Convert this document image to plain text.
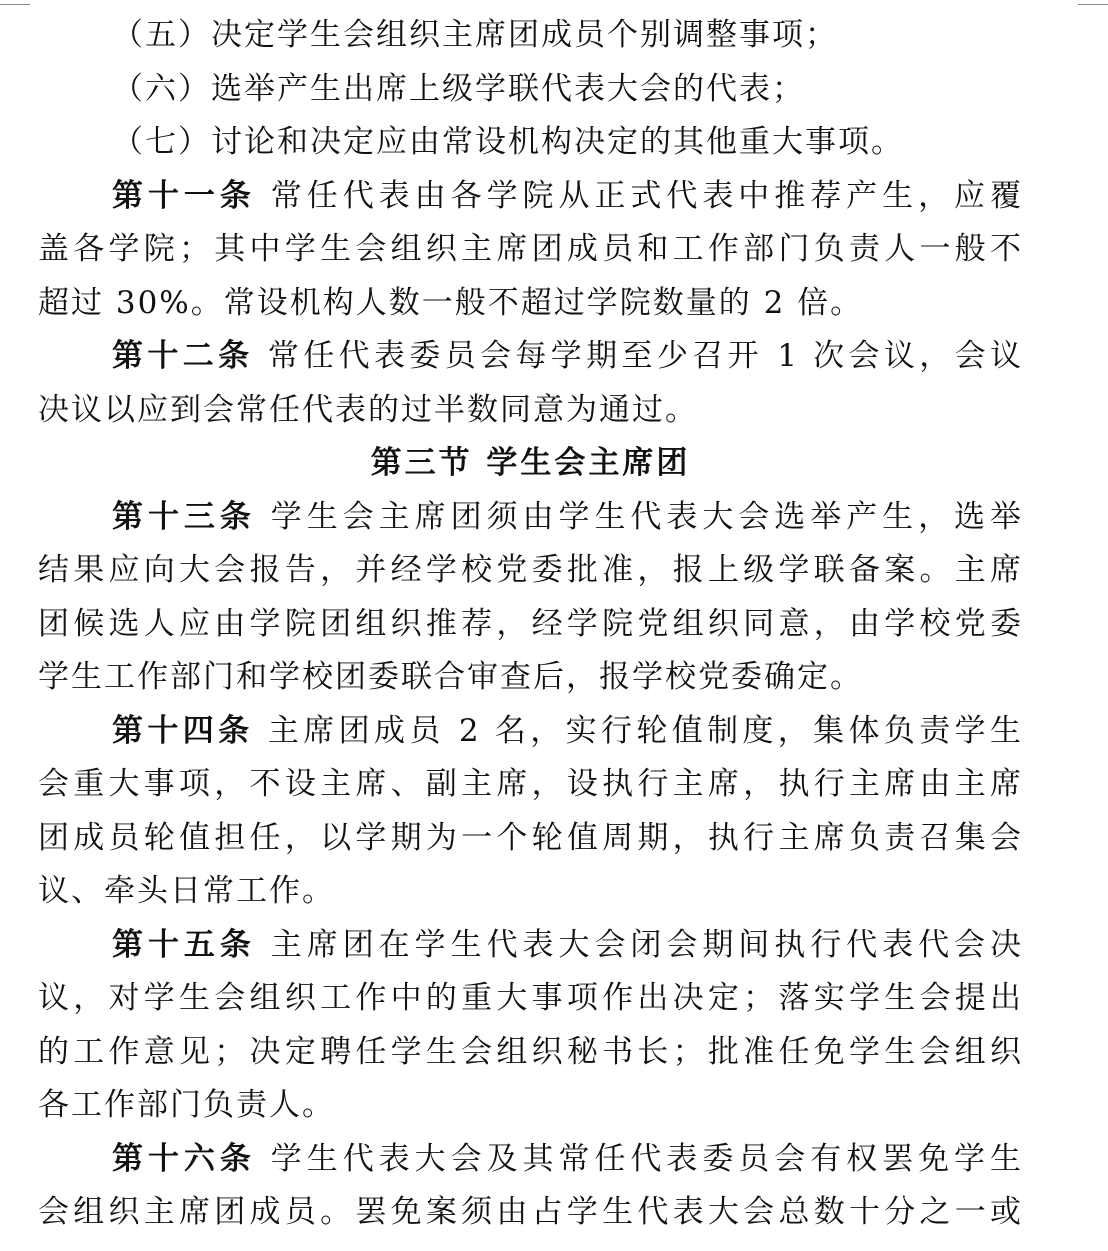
（五）决定学生会组织主席团成员个别调整事项；
（六）选举产生出席上级学联代表大会的代表；
（七）讨论和决定应由常设机构决定的其他重大事项。
第十一条 常任代表由各学院从正式代表中推荐产生，应覆
盖各学院；其中学生会组织主席团成员和工作部门负责人一般不
超过 30%。常设机构人数一般不超过学院数量的 2 倍。
第十二条 常任代表委员会每学期至少召开 1 次会议，会议
决议以应到会常任代表的过半数同意为通过。
第三节 学生会主席团
第十三条 学生会主席团须由学生代表大会选举产生，选举
结果应向大会报告，并经学校党委批准，报上级学联备案。主席
团候选人应由学院团组织推荐，经学院党组织同意，由学校党委
学生工作部门和学校团委联合审查后，报学校党委确定。
第十四条 主席团成员 2 名，实行轮值制度，集体负责学生
会重大事项，不设主席、副主席，设执行主席，执行主席由主席
团成员轮值担任，以学期为一个轮值周期，执行主席负责召集会
议、牵头日常工作。
第十五条 主席团在学生代表大会闭会期间执行代表代会决
议，对学生会组织工作中的重大事项作出决定；落实学生会提出
的工作意见；决定聘任学生会组织秘书长；批准任免学生会组织
各工作部门负责人。
第十六条 学生代表大会及其常任代表委员会有权罢免学生
会组织主席团成员。罢免案须由占学生代表大会总数十分之一或
